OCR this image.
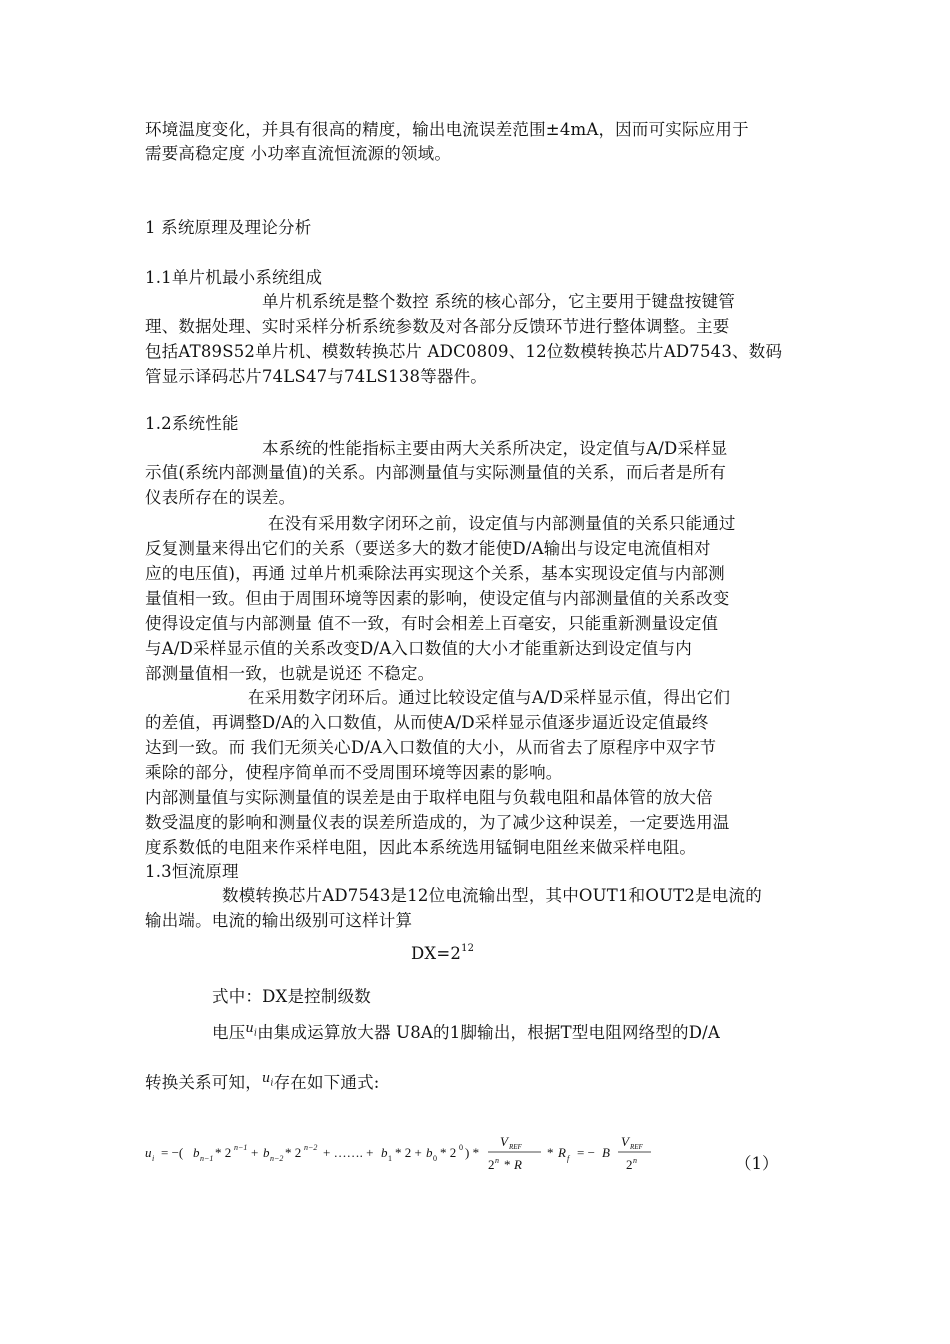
环境温度变化，并具有很高的精度，输出电流误差范围±4mA，因而可实际应用于
需要高稳定度 小功率直流恒流源的领域。
1 系统原理及理论分析
1.1单片机最小系统组成
单片机系统是整个数控 系统的核心部分，它主要用于键盘按键管
理、数据处理、实时采样分析系统参数及对各部分反馈环节进行整体调整。主要
包括AT89S52单片机、模数转换芯片 ADC0809、12位数模转换芯片AD7543、数码
管显示译码芯片74LS47与74LS138等器件。
1.2系统性能
本系统的性能指标主要由两大关系所决定，设定值与A/D采样显
示值(系统内部测量值)的关系。内部测量值与实际测量值的关系，而后者是所有
仪表所存在的误差。
在没有采用数字闭环之前，设定值与内部测量值的关系只能通过
反复测量来得出它们的关系（要送多大的数才能使D/A输出与设定电流值相对
应的电压值)，再通 过单片机乘除法再实现这个关系，基本实现设定值与内部测
量值相一致。但由于周围环境等因素的影响，使设定值与内部测量值的关系改变
使得设定值与内部测量 值不一致，有时会相差上百毫安，只能重新测量设定值
与A/D采样显示值的关系改变D/A入口数值的大小才能重新达到设定值与内
部测量值相一致，也就是说还 不稳定。
在采用数字闭环后。通过比较设定值与A/D采样显示值，得出它们
的差值，再调整D/A的入口数值，从而使A/D采样显示值逐步逼近设定值最终
达到一致。而 我们无须关心D/A入口数值的大小，从而省去了原程序中双字节
乘除的部分，使程序简单而不受周围环境等因素的影响。
内部测量值与实际测量值的误差是由于取样电阻与负载电阻和晶体管的放大倍
数受温度的影响和测量仪表的误差所造成的，为了减少这种误差，一定要选用温
度系数低的电阻来作采样电阻，因此本系统选用锰铜电阻丝来做采样电阻。
1.3恒流原理
数模转换芯片AD7543是12位电流输出型，其中OUT1和OUT2是电流的
输出端。电流的输出级别可这样计算
$DX=2^{12}$
式中：DX是控制级数
电压$^{u_i}$由集成运算放大器 U8A的1脚输出，根据T型电阻网络型的D/A
转换关系可知，$^{u_i}$存在如下通式:
u i = −( b n−1 * 2 n−1 + b n−2 * 2 n−2 + ……. + b 1 * 2 + b 0 * 2 0 ) *
V REF
2 n * R
* R f = − B
V REF
2 n	（1）
